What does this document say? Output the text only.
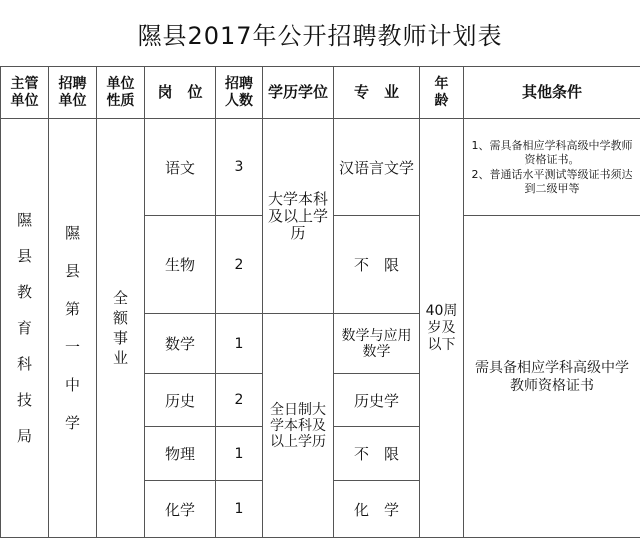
隰县2017年公开招聘教师计划表
主管单位	招聘单位	单位性质	岗　位	招聘人数	学历学位	专　业	年龄	其他条件
隰县教育科技局	隰县第一中学	全额事业	语文	3	大学本科及以上学历	汉语言文学	40周岁及以下	1、需具备相应学科高级中学教师资格证书。
2、普通话水平测试等级证书须达到二级甲等

			生物	2		不　限		需具备相应学科高级中学教师资格证书
			数学	1	全日制大学本科及以上学历	数学与应用数学		
			历史	2		历史学		
			物理	1		不　限		
			化学	1		化　学		
